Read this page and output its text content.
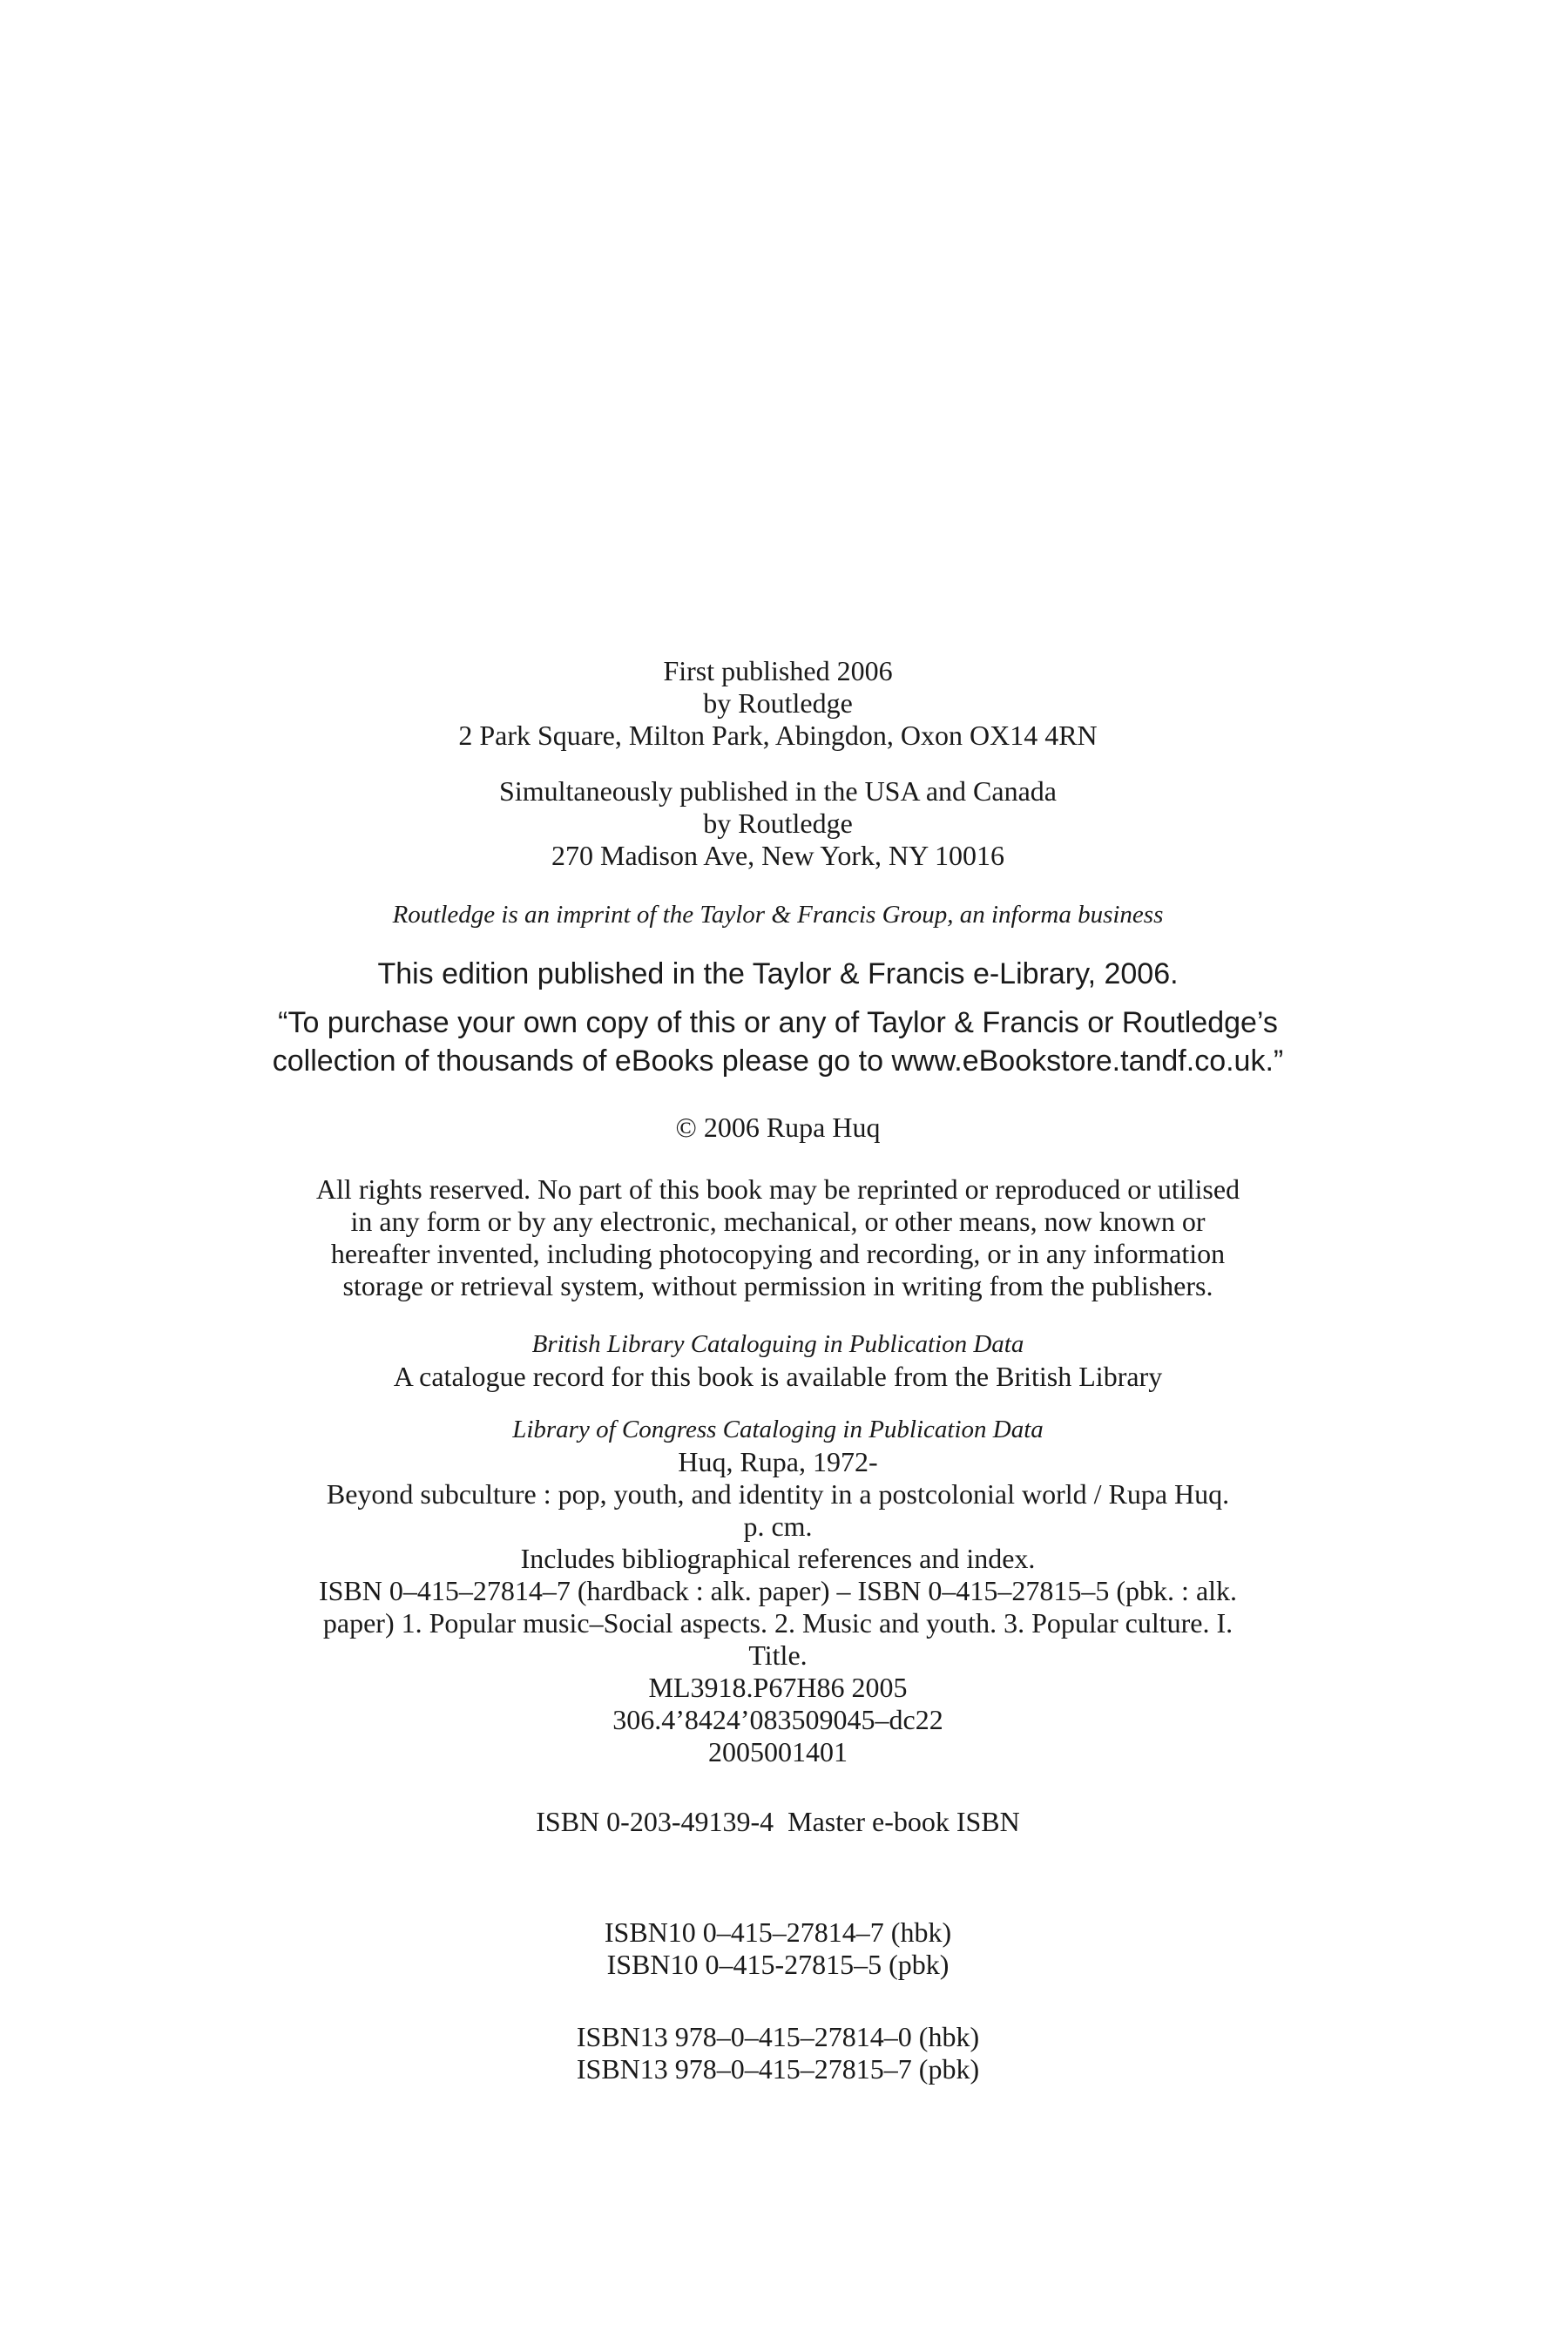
First published 2006
by Routledge
2 Park Square, Milton Park, Abingdon, Oxon OX14 4RN
Simultaneously published in the USA and Canada
by Routledge
270 Madison Ave, New York, NY 10016
Routledge is an imprint of the Taylor & Francis Group, an informa business
This edition published in the Taylor & Francis e-Library, 2006.
“To purchase your own copy of this or any of Taylor & Francis or Routledge’s
collection of thousands of eBooks please go to www.eBookstore.tandf.co.uk.”
© 2006 Rupa Huq
All rights reserved. No part of this book may be reprinted or reproduced or utilised
in any form or by any electronic, mechanical, or other means, now known or
hereafter invented, including photocopying and recording, or in any information
storage or retrieval system, without permission in writing from the publishers.
British Library Cataloguing in Publication Data
A catalogue record for this book is available from the British Library
Library of Congress Cataloging in Publication Data
Huq, Rupa, 1972-
Beyond subculture : pop, youth, and identity in a postcolonial world / Rupa Huq.
p. cm.
Includes bibliographical references and index.
ISBN 0–415–27814–7 (hardback : alk. paper) – ISBN 0–415–27815–5 (pbk. : alk.
paper) 1. Popular music–Social aspects. 2. Music and youth. 3. Popular culture. I.
Title.
ML3918.P67H86 2005
306.4’8424’083509045–dc22
2005001401
ISBN 0-203-49139-4  Master e-book ISBN
ISBN10 0–415–27814–7 (hbk)
ISBN10 0–415-27815–5 (pbk)
ISBN13 978–0–415–27814–0 (hbk)
ISBN13 978–0–415–27815–7 (pbk)
